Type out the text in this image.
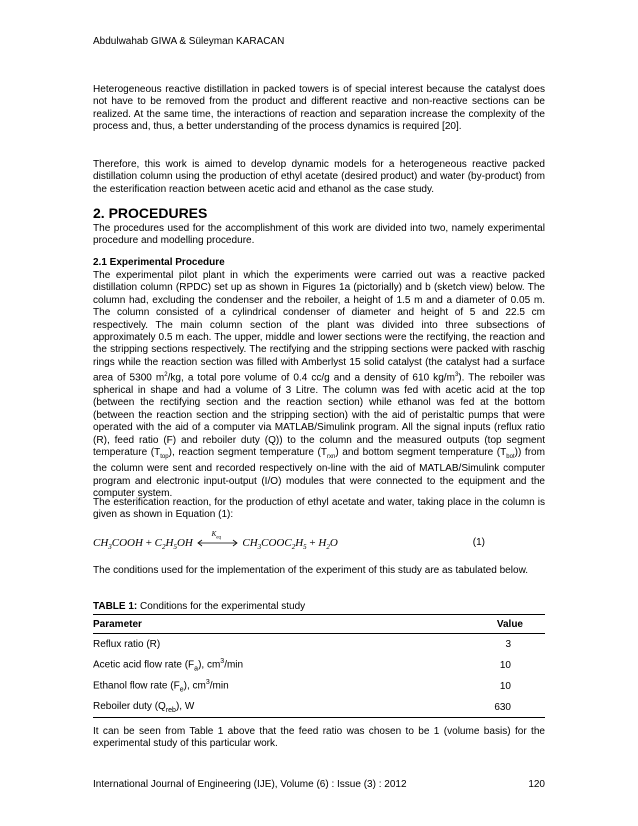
Abdulwahab GIWA & Süleyman KARACAN

Heterogeneous reactive distillation in packed towers is of special interest because the catalyst does not have to be removed from the product and different reactive and non-reactive sections can be realized. At the same time, the interactions of reaction and separation increase the complexity of the process and, thus, a better understanding of the process dynamics is required [20].

Therefore, this work is aimed to develop dynamic models for a heterogeneous reactive packed distillation column using the production of ethyl acetate (desired product) and water (by-product) from the esterification reaction between acetic acid and ethanol as the case study.

2. PROCEDURES

The procedures used for the accomplishment of this work are divided into two, namely experimental procedure and modelling procedure.

2.1 Experimental Procedure

The experimental pilot plant in which the experiments were carried out was a reactive packed distillation column (RPDC) set up as shown in Figures 1a (pictorially) and b (sketch view) below. The column had, excluding the condenser and the reboiler, a height of 1.5 m and a diameter of 0.05 m. The column consisted of a cylindrical condenser of diameter and height of 5 and 22.5 cm respectively. The main column section of the plant was divided into three subsections of approximately 0.5 m each. The upper, middle and lower sections were the rectifying, the reaction and the stripping sections respectively. The rectifying and the stripping sections were packed with raschig rings while the reaction section was filled with Amberlyst 15 solid catalyst (the catalyst had a surface area of 5300 $m^2/kg$, a total pore volume of 0.4 cc/g and a density of 610 $kg/m^3$). The reboiler was spherical in shape and had a volume of 3 Litre. The column was fed with acetic acid at the top (between the rectifying section and the reaction section) while ethanol was fed at the bottom (between the reaction section and the stripping section) with the aid of peristaltic pumps that were operated with the aid of a computer via MATLAB/Simulink program. All the signal inputs (reflux ratio (R), feed ratio (F) and reboiler duty (Q)) to the column and the measured outputs (top segment temperature $(T_{top})$, reaction segment temperature $(T_{rxn})$ and bottom segment temperature $(T_{bot})$) from the column were sent and recorded respectively on-line with the aid of MATLAB/Simulink computer program and electronic input-output (I/O) modules that were connected to the equipment and the computer system.

The esterification reaction, for the production of ethyl acetate and water, taking place in the column is given as shown in Equation (1):

$CH_3COOH + C_2H_5OH$
$K_{eq}$ $CH_3COOC_2H_5 + H_2O$	(1)

The conditions used for the implementation of the experiment of this study are as tabulated below.

TABLE 1: Conditions for the experimental study
Parameter	Value
Reflux ratio (R)	3
Acetic acid flow rate $(F_a)$, $cm^3/\min$	10
Ethanol flow rate $(F_e)$, $cm^3/\min$	10
Reboiler duty $(Q_{reb})$, W	630

It can be seen from Table 1 above that the feed ratio was chosen to be 1 (volume basis) for the experimental study of this particular work.

International Journal of Engineering (IJE), Volume (6) : Issue (3) : 2012	120
